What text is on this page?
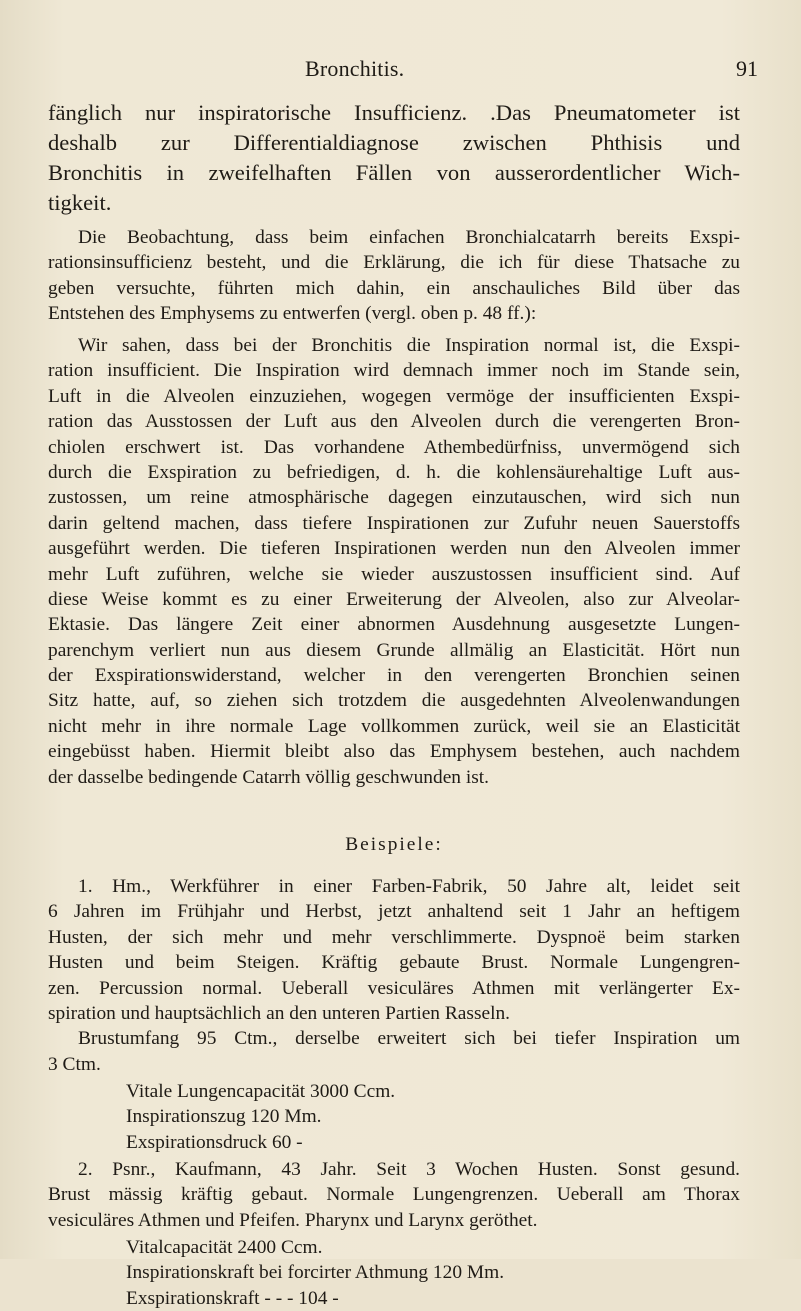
Bronchitis.	91
fänglich nur inspiratorische Insufficienz. .Das Pneumatometer ist
deshalb zur Differentialdiagnose zwischen Phthisis und
Bronchitis in zweifelhaften Fällen von ausserordentlicher Wich-
tigkeit.
Die Beobachtung, dass beim einfachen Bronchialcatarrh bereits Exspi-
rationsinsufficienz besteht, und die Erklärung, die ich für diese Thatsache zu
geben versuchte, führten mich dahin, ein anschauliches Bild über das
Entstehen des Emphysems zu entwerfen (vergl. oben p. 48 ff.):
Wir sahen, dass bei der Bronchitis die Inspiration normal ist, die Exspi-
ration insufficient. Die Inspiration wird demnach immer noch im Stande sein,
Luft in die Alveolen einzuziehen, wogegen vermöge der insufficienten Exspi-
ration das Ausstossen der Luft aus den Alveolen durch die verengerten Bron-
chiolen erschwert ist. Das vorhandene Athembedürfniss, unvermögend sich
durch die Exspiration zu befriedigen, d. h. die kohlensäurehaltige Luft aus-
zustossen, um reine atmosphärische dagegen einzutauschen, wird sich nun
darin geltend machen, dass tiefere Inspirationen zur Zufuhr neuen Sauerstoffs
ausgeführt werden. Die tieferen Inspirationen werden nun den Alveolen immer
mehr Luft zuführen, welche sie wieder auszustossen insufficient sind. Auf
diese Weise kommt es zu einer Erweiterung der Alveolen, also zur Alveolar-
Ektasie. Das längere Zeit einer abnormen Ausdehnung ausgesetzte Lungen-
parenchym verliert nun aus diesem Grunde allmälig an Elasticität. Hört nun
der Exspirationswiderstand, welcher in den verengerten Bronchien seinen
Sitz hatte, auf, so ziehen sich trotzdem die ausgedehnten Alveolenwandungen
nicht mehr in ihre normale Lage vollkommen zurück, weil sie an Elasticität
eingebüsst haben. Hiermit bleibt also das Emphysem bestehen, auch nachdem
der dasselbe bedingende Catarrh völlig geschwunden ist.
Beispiele:
1. Hm., Werkführer in einer Farben-Fabrik, 50 Jahre alt, leidet seit
6 Jahren im Frühjahr und Herbst, jetzt anhaltend seit 1 Jahr an heftigem
Husten, der sich mehr und mehr verschlimmerte. Dyspnoë beim starken
Husten und beim Steigen. Kräftig gebaute Brust. Normale Lungengren-
zen. Percussion normal. Ueberall vesiculäres Athmen mit verlängerter Ex-
spiration und hauptsächlich an den unteren Partien Rasseln.
Brustumfang 95 Ctm., derselbe erweitert sich bei tiefer Inspiration um
3 Ctm.
Vitale Lungencapacität 3000 Ccm.
Inspirationszug 120 Mm.
Exspirationsdruck 60 -
2. Psnr., Kaufmann, 43 Jahr. Seit 3 Wochen Husten. Sonst gesund.
Brust mässig kräftig gebaut. Normale Lungengrenzen. Ueberall am Thorax
vesiculäres Athmen und Pfeifen. Pharynx und Larynx geröthet.
Vitalcapacität 2400 Ccm.
Inspirationskraft bei forcirter Athmung 120 Mm.
Exspirationskraft - - - 104 -
